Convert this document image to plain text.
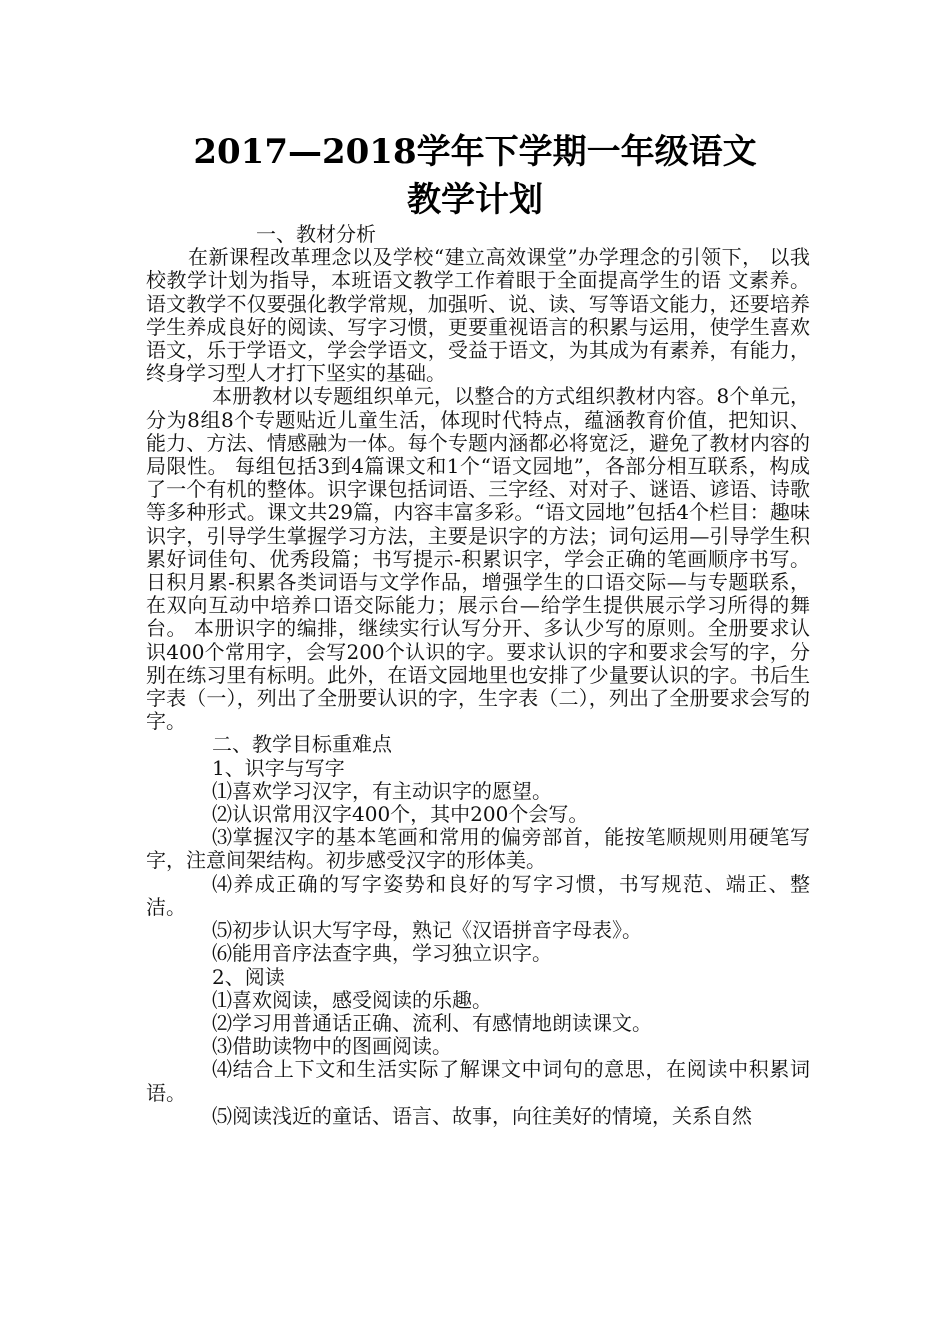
2017—2018学年下学期一年级语文
教学计划

一、教材分析

在新课程改革理念以及学校“建立高效课堂”办学理念的引领下， 以我校教学计划为指导，本班语文教学工作着眼于全面提高学生的语 文素养。语文教学不仅要强化教学常规，加强听、说、读、写等语文能力，还要培养学生养成良好的阅读、写字习惯，更要重视语言的积累与运用，使学生喜欢语文，乐于学语文，学会学语文，受益于语文，为其成为有素养，有能力，终身学习型人才打下坚实的基础。

本册教材以专题组织单元，以整合的方式组织教材内容。8个单元，分为8组8个专题贴近儿童生活，体现时代特点，蕴涵教育价值，把知识、能力、方法、情感融为一体。每个专题内涵都必将宽泛，避免了教材内容的局限性。 每组包括3到4篇课文和1个“语文园地”，各部分相互联系，构成了一个有机的整体。识字课包括词语、三字经、对对子、谜语、谚语、诗歌等多种形式。课文共29篇，内容丰富多彩。“语文园地”包括4个栏目：趣味识字，引导学生掌握学习方法，主要是识字的方法；词句运用—引导学生积累好词佳句、优秀段篇；书写提示-积累识字，学会正确的笔画顺序书写。日积月累-积累各类词语与文学作品，增强学生的口语交际—与专题联系，在双向互动中培养口语交际能力；展示台—给学生提供展示学习所得的舞台。 本册识字的编排，继续实行认写分开、多认少写的原则。全册要求认识400个常用字，会写200个认识的字。要求认识的字和要求会写的字，分别在练习里有标明。此外，在语文园地里也安排了少量要认识的字。书后生字表（一），列出了全册要认识的字，生字表（二），列出了全册要求会写的字。

二、教学目标重难点

1、识字与写字

⑴喜欢学习汉字，有主动识字的愿望。

⑵认识常用汉字400个，其中200个会写。

⑶掌握汉字的基本笔画和常用的偏旁部首，能按笔顺规则用硬笔写字，注意间架结构。初步感受汉字的形体美。

⑷养成正确的写字姿势和良好的写字习惯，书写规范、端正、整洁。

⑸初步认识大写字母，熟记《汉语拼音字母表》。

⑹能用音序法查字典，学习独立识字。

2、阅读

⑴喜欢阅读，感受阅读的乐趣。

⑵学习用普通话正确、流利、有感情地朗读课文。

⑶借助读物中的图画阅读。

⑷结合上下文和生活实际了解课文中词句的意思，在阅读中积累词语。

⑸阅读浅近的童话、语言、故事，向往美好的情境，关系自然
